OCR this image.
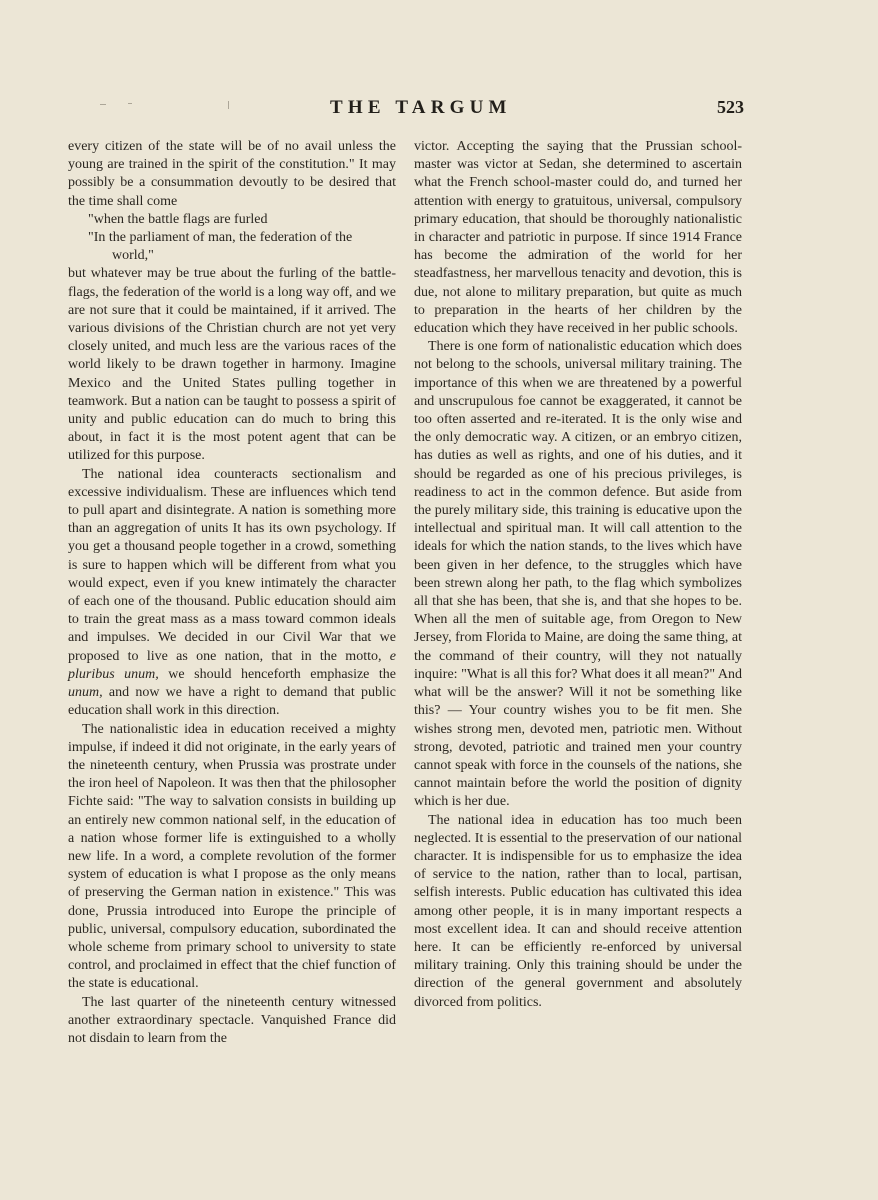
THE TARGUM	523

every citizen of the state will be of no avail unless the young are trained in the spirit of the constitution." It may possibly be a consummation devoutly to be desired that the time shall come

"when the battle flags are furled
"In the parliament of man, the federation of the
world,"

but whatever may be true about the furling of the battle-flags, the federation of the world is a long way off, and we are not sure that it could be maintained, if it arrived. The various divisions of the Christian church are not yet very closely united, and much less are the various races of the world likely to be drawn together in harmony. Imagine Mexico and the United States pulling together in teamwork. But a nation can be taught to possess a spirit of unity and public education can do much to bring this about, in fact it is the most potent agent that can be utilized for this purpose.

The national idea counteracts sectionalism and excessive individualism. These are influences which tend to pull apart and disintegrate. A nation is something more than an aggregation of units It has its own psychology. If you get a thousand people together in a crowd, something is sure to happen which will be different from what you would expect, even if you knew intimately the character of each one of the thousand. Public education should aim to train the great mass as a mass toward common ideals and impulses. We decided in our Civil War that we proposed to live as one nation, that in the motto, e pluribus unum, we should henceforth emphasize the unum, and now we have a right to demand that public education shall work in this direction.

The nationalistic idea in education received a mighty impulse, if indeed it did not originate, in the early years of the nineteenth century, when Prussia was prostrate under the iron heel of Napoleon. It was then that the philosopher Fichte said: "The way to salvation consists in building up an entirely new common national self, in the education of a nation whose former life is extinguished to a wholly new life. In a word, a complete revolution of the former system of education is what I propose as the only means of preserving the German nation in existence." This was done, Prussia introduced into Europe the principle of public, universal, compulsory education, subordinated the whole scheme from primary school to university to state control, and proclaimed in effect that the chief function of the state is educational.

The last quarter of the nineteenth century witnessed another extraordinary spectacle. Vanquished France did not disdain to learn from the

victor. Accepting the saying that the Prussian school-master was victor at Sedan, she determined to ascertain what the French school-master could do, and turned her attention with energy to gratuitous, universal, compulsory primary education, that should be thoroughly nationalistic in character and patriotic in purpose. If since 1914 France has become the admiration of the world for her steadfastness, her marvellous tenacity and devotion, this is due, not alone to military preparation, but quite as much to preparation in the hearts of her children by the education which they have received in her public schools.

There is one form of nationalistic education which does not belong to the schools, universal military training. The importance of this when we are threatened by a powerful and unscrupulous foe cannot be exaggerated, it cannot be too often asserted and re-iterated. It is the only wise and the only democratic way. A citizen, or an embryo citizen, has duties as well as rights, and one of his duties, and it should be regarded as one of his precious privileges, is readiness to act in the common defence. But aside from the purely military side, this training is educative upon the intellectual and spiritual man. It will call attention to the ideals for which the nation stands, to the lives which have been given in her defence, to the struggles which have been strewn along her path, to the flag which symbolizes all that she has been, that she is, and that she hopes to be. When all the men of suitable age, from Oregon to New Jersey, from Florida to Maine, are doing the same thing, at the command of their country, will they not natually inquire: "What is all this for? What does it all mean?" And what will be the answer? Will it not be something like this? — Your country wishes you to be fit men. She wishes strong men, devoted men, patriotic men. Without strong, devoted, patriotic and trained men your country cannot speak with force in the counsels of the nations, she cannot maintain before the world the position of dignity which is her due.

The national idea in education has too much been neglected. It is essential to the preservation of our national character. It is indispensible for us to emphasize the idea of service to the nation, rather than to local, partisan, selfish interests. Public education has cultivated this idea among other people, it is in many important respects a most excellent idea. It can and should receive attention here. It can be efficiently re-enforced by universal military training. Only this training should be under the direction of the general government and absolutely divorced from politics.
